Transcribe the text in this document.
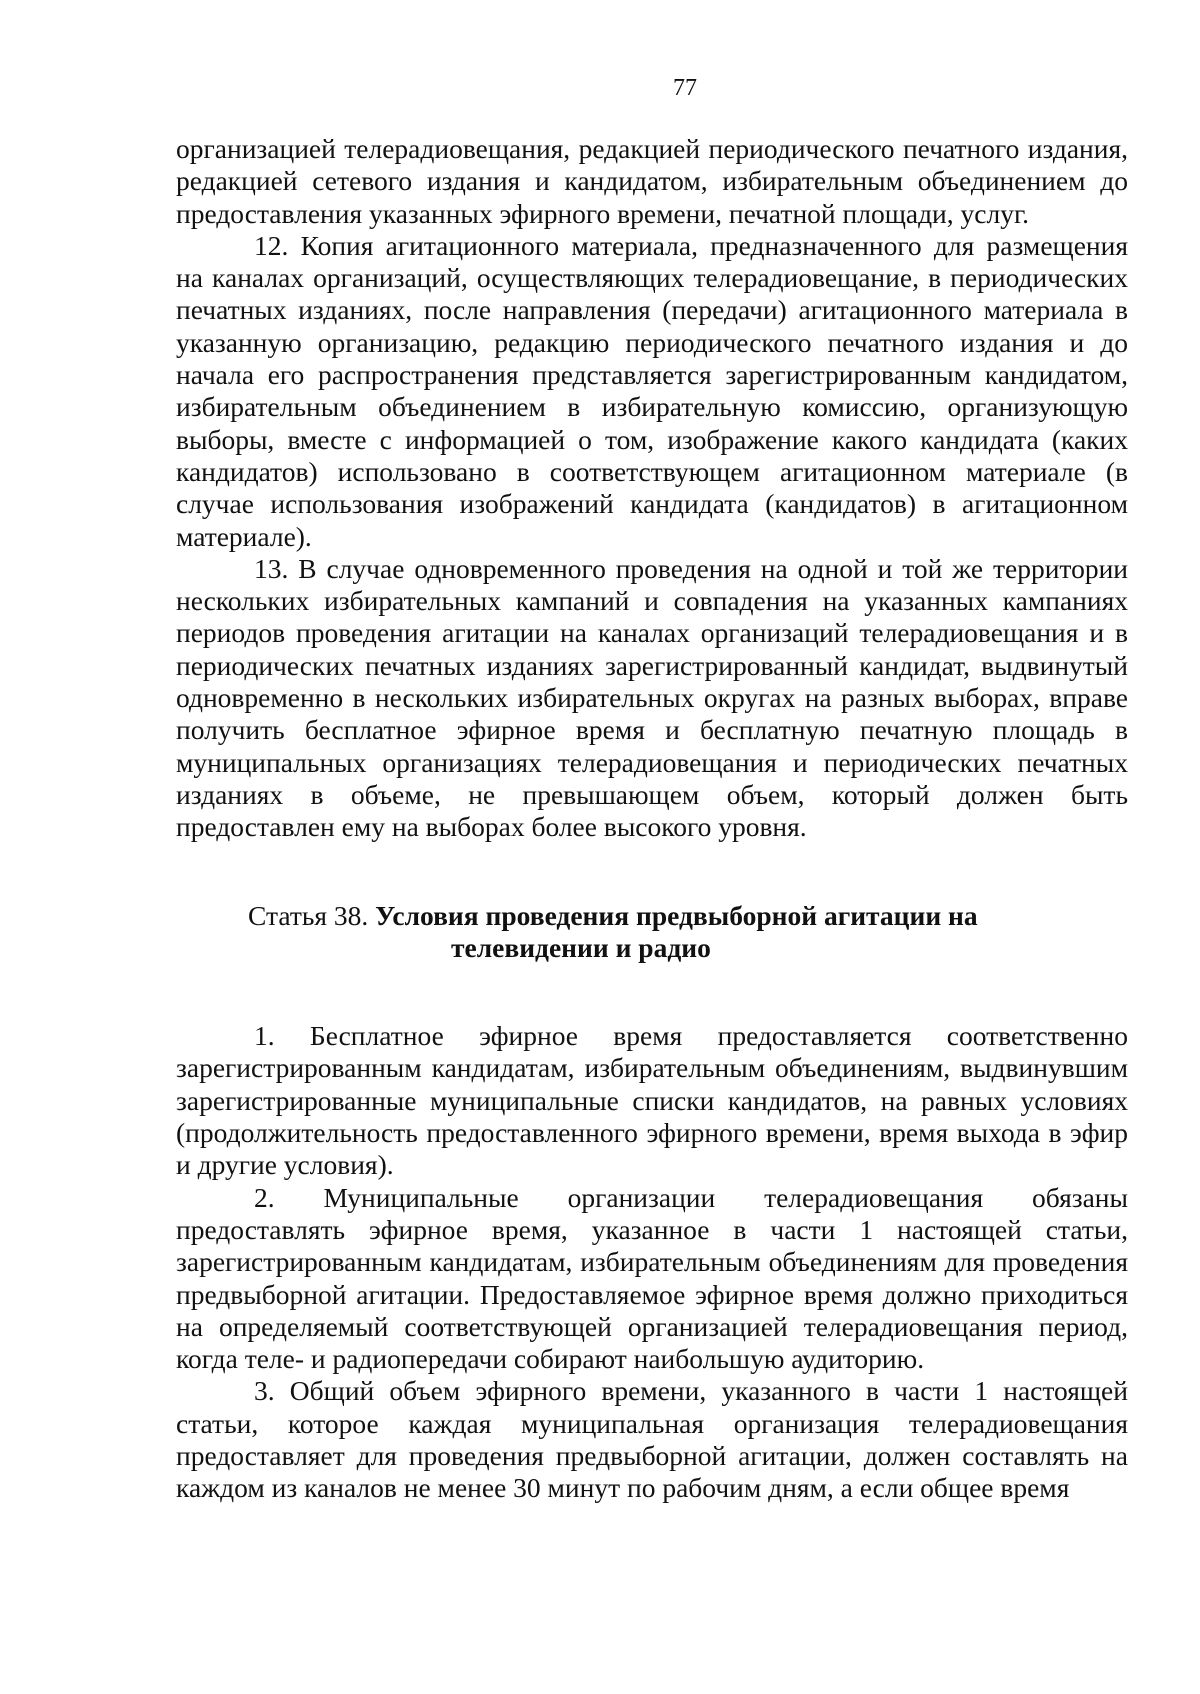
77

организацией телерадиовещания, редакцией периодического печатного издания, редакцией сетевого издания и кандидатом, избирательным объединением до предоставления указанных эфирного времени, печатной площади, услуг.

12. Копия агитационного материала, предназначенного для размещения на каналах организаций, осуществляющих телерадиовещание, в периодических печатных изданиях, после направления (передачи) агитационного материала в указанную организацию, редакцию периодического печатного издания и до начала его распространения представляется зарегистрированным кандидатом, избирательным объединением в избирательную комиссию, организующую выборы, вместе с информацией о том, изображение какого кандидата (каких кандидатов) использовано в соответствующем агитационном материале (в случае использования изображений кандидата (кандидатов) в агитационном материале).

13. В случае одновременного проведения на одной и той же территории нескольких избирательных кампаний и совпадения на указанных кампаниях периодов проведения агитации на каналах организаций телерадиовещания и в периодических печатных изданиях зарегистрированный кандидат, выдвинутый одновременно в нескольких избирательных округах на разных выборах, вправе получить бесплатное эфирное время и бесплатную печатную площадь в муниципальных организациях телерадиовещания и периодических печатных изданиях в объеме, не превышающем объем, который должен быть предоставлен ему на выборах более высокого уровня.

Статья 38. Условия проведения предвыборной агитации на
телевидении и радио

1. Бесплатное эфирное время предоставляется соответственно зарегистрированным кандидатам, избирательным объединениям, выдвинувшим зарегистрированные муниципальные списки кандидатов, на равных условиях (продолжительность предоставленного эфирного времени, время выхода в эфир и другие условия).

2. Муниципальные организации телерадиовещания обязаны предоставлять эфирное время, указанное в части 1 настоящей статьи, зарегистрированным кандидатам, избирательным объединениям для проведения предвыборной агитации. Предоставляемое эфирное время должно приходиться на определяемый соответствующей организацией телерадиовещания период, когда теле- и радиопередачи собирают наибольшую аудиторию.

3. Общий объем эфирного времени, указанного в части 1 настоящей статьи, которое каждая муниципальная организация телерадиовещания предоставляет для проведения предвыборной агитации, должен составлять на каждом из каналов не менее 30 минут по рабочим дням, а если общее время
